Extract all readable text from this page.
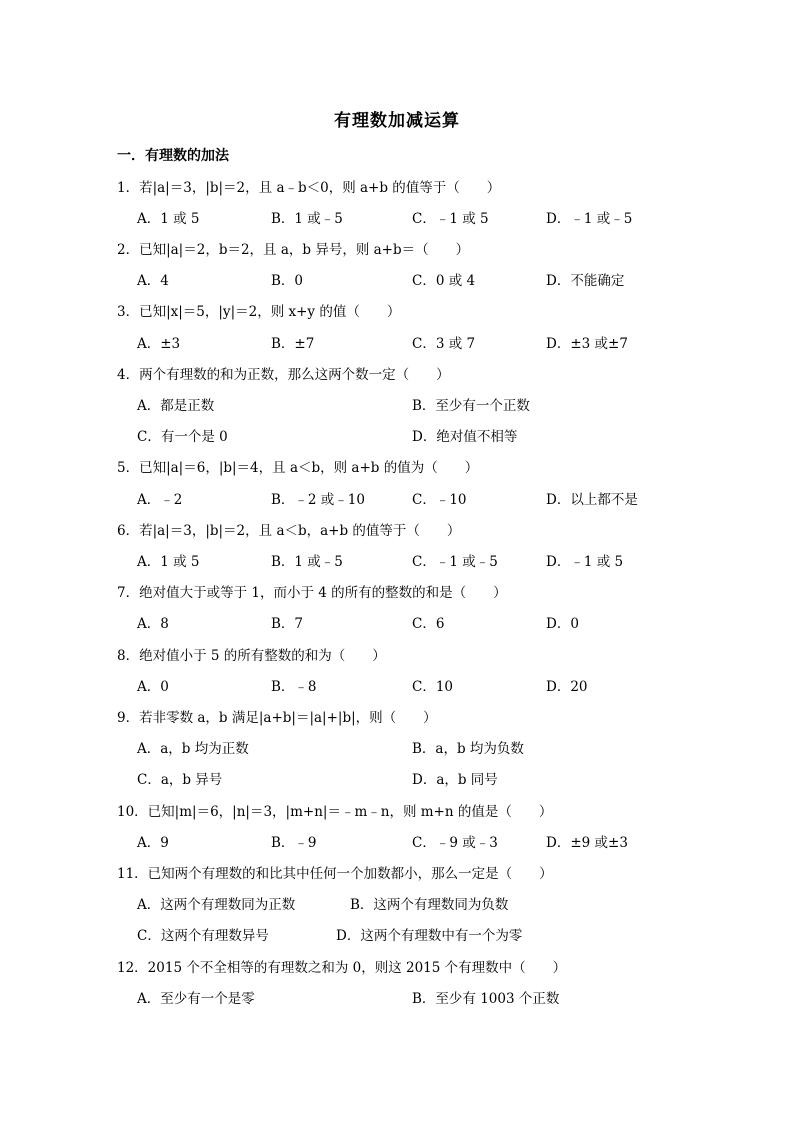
有理数加减运算
一．有理数的加法
1．若|a|＝3，|b|＝2，且 a﹣b＜0，则 a+b 的值等于（　　）
A．1 或 5	B．1 或﹣5	C．﹣1 或 5	D．﹣1 或﹣5
2．已知|a|＝2，b＝2，且 a，b 异号，则 a+b＝（　　）
A．4	B．0	C．0 或 4	D．不能确定
3．已知|x|＝5，|y|＝2，则 x+y 的值（　　）
A．±3	B．±7	C．3 或 7	D．±3 或±7
4．两个有理数的和为正数，那么这两个数一定（　　）
A．都是正数	B．至少有一个正数
C．有一个是 0	D．绝对值不相等
5．已知|a|＝6，|b|＝4，且 a＜b，则 a+b 的值为（　　）
A．﹣2	B．﹣2 或﹣10	C．﹣10	D．以上都不是
6．若|a|＝3，|b|＝2，且 a＜b，a+b 的值等于（　　）
A．1 或 5	B．1 或﹣5	C．﹣1 或﹣5	D．﹣1 或 5
7．绝对值大于或等于 1，而小于 4 的所有的整数的和是（　　）
A．8	B．7	C．6	D．0
8．绝对值小于 5 的所有整数的和为（　　）
A．0	B．﹣8	C．10	D．20
9．若非零数 a，b 满足|a+b|＝|a|+|b|，则（　　）
A．a，b 均为正数	B．a，b 均为负数
C．a，b 异号	D．a，b 同号
10．已知|m|＝6，|n|＝3，|m+n|＝﹣m﹣n，则 m+n 的值是（　　）
A．9	B．﹣9	C．﹣9 或﹣3	D．±9 或±3
11．已知两个有理数的和比其中任何一个加数都小，那么一定是（　　）
A．这两个有理数同为正数	B．这两个有理数同为负数
C．这两个有理数异号	D．这两个有理数中有一个为零
12．2015 个不全相等的有理数之和为 0，则这 2015 个有理数中（　　）
A．至少有一个是零	B．至少有 1003 个正数
